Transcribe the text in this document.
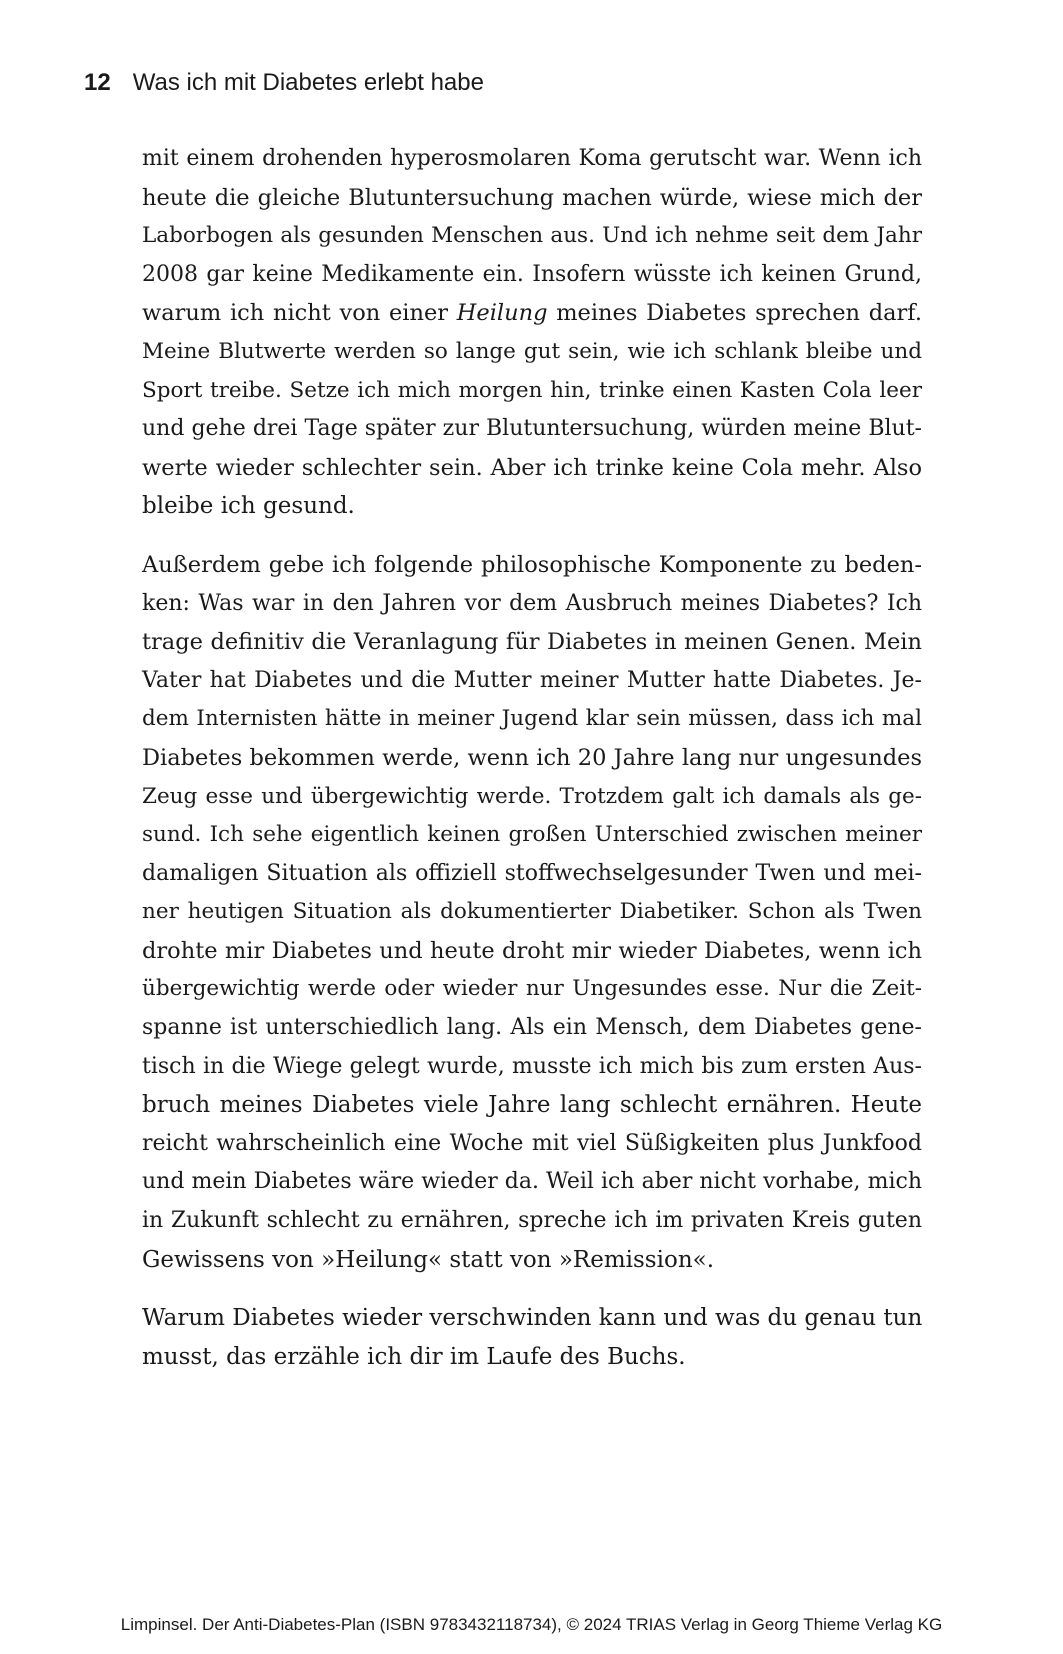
12 Was ich mit Diabetes erlebt habe
mit einem drohenden hyperosmolaren Koma gerutscht war. Wenn ich
heute die gleiche Blutuntersuchung machen würde, wiese mich der
Laborbogen als gesunden Menschen aus. Und ich nehme seit dem Jahr
2008 gar keine Medikamente ein. Insofern wüsste ich keinen Grund,
warum ich nicht von einer Heilung meines Diabetes sprechen darf.
Meine Blutwerte werden so lange gut sein, wie ich schlank bleibe und
Sport treibe. Setze ich mich morgen hin, trinke einen Kasten Cola leer
und gehe drei Tage später zur Blutuntersuchung, würden meine Blut-
werte wieder schlechter sein. Aber ich trinke keine Cola mehr. Also
bleibe ich gesund.
Außerdem gebe ich folgende philosophische Komponente zu beden-
ken: Was war in den Jahren vor dem Ausbruch meines Diabetes? Ich
trage definitiv die Veranlagung für Diabetes in meinen Genen. Mein
Vater hat Diabetes und die Mutter meiner Mutter hatte Diabetes. Je-
dem Internisten hätte in meiner Jugend klar sein müssen, dass ich mal
Diabetes bekommen werde, wenn ich 20 Jahre lang nur ungesundes
Zeug esse und übergewichtig werde. Trotzdem galt ich damals als ge-
sund. Ich sehe eigentlich keinen großen Unterschied zwischen meiner
damaligen Situation als offiziell stoffwechselgesunder Twen und mei-
ner heutigen Situation als dokumentierter Diabetiker. Schon als Twen
drohte mir Diabetes und heute droht mir wieder Diabetes, wenn ich
übergewichtig werde oder wieder nur Ungesundes esse. Nur die Zeit-
spanne ist unterschiedlich lang. Als ein Mensch, dem Diabetes gene-
tisch in die Wiege gelegt wurde, musste ich mich bis zum ersten Aus-
bruch meines Diabetes viele Jahre lang schlecht ernähren. Heute
reicht wahrscheinlich eine Woche mit viel Süßigkeiten plus Junkfood
und mein Diabetes wäre wieder da. Weil ich aber nicht vorhabe, mich
in Zukunft schlecht zu ernähren, spreche ich im privaten Kreis guten
Gewissens von »Heilung« statt von »Remission«.
Warum Diabetes wieder verschwinden kann und was du genau tun
musst, das erzähle ich dir im Laufe des Buchs.
Limpinsel. Der Anti-Diabetes-Plan (ISBN 9783432118734), © 2024 TRIAS Verlag in Georg Thieme Verlag KG
